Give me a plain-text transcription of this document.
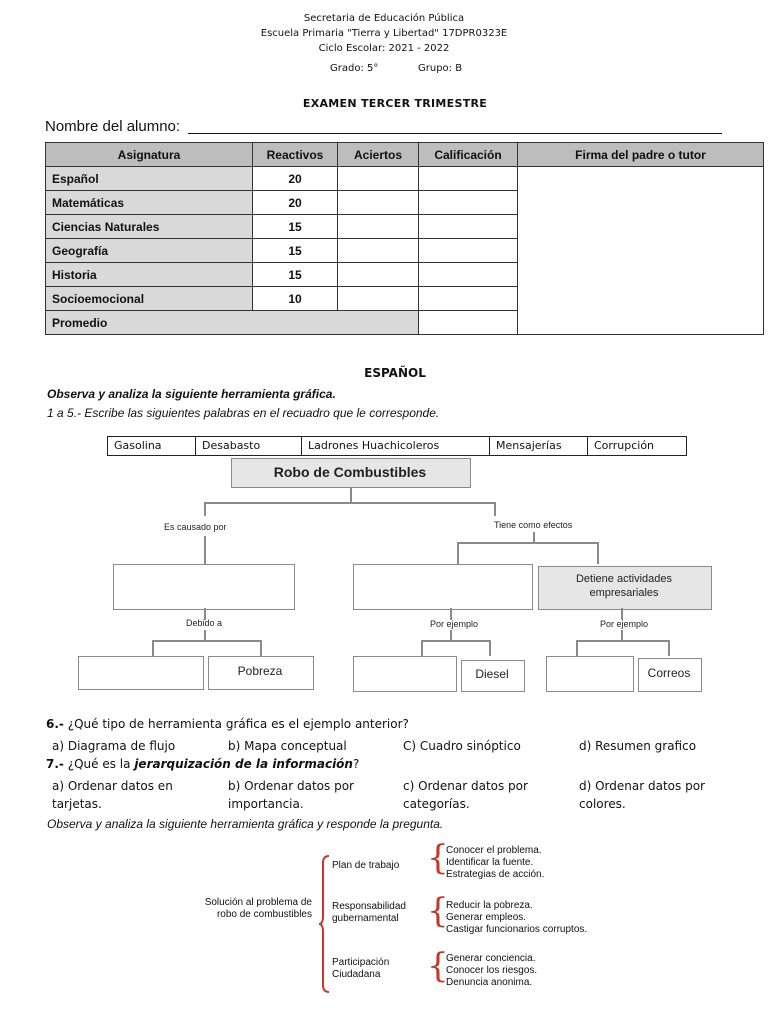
Secretaria de Educación Pública
Escuela Primaria "Tierra y Libertad" 17DPR0323E
Ciclo Escolar: 2021 - 2022
Grado: 5°	Grupo: B
EXAMEN TERCER TRIMESTRE
Nombre del alumno:
Asignatura	Reactivos	Aciertos	Calificación	Firma del padre o tutor
Español	20			
Matemáticas	20			
Ciencias Naturales	15			
Geografía	15			
Historia	15			
Socioemocional	10			
Promedio				
ESPAÑOL
Observa y analiza la siguiente herramienta gráfica.
1 a 5.- Escribe las siguientes palabras en el recuadro que le corresponde.
Gasolina	Desabasto	Ladrones Huachicoleros	Mensajerías	Corrupción
Robo de Combustibles
Es causado por	Tiene como efectos
Detiene actividades empresariales
Debido a	Por ejemplo	Por ejemplo
Pobreza	Diesel	Correos
6.- ¿Qué tipo de herramienta gráfica es el ejemplo anterior?
a) Diagrama de flujo	b) Mapa conceptual	C) Cuadro sinóptico	d) Resumen grafico
7.- ¿Qué es la jerarquización de la información?
a) Ordenar datos en
tarjetas.
b) Ordenar datos por
importancia.
c) Ordenar datos por
categorías.
d) Ordenar datos por
colores.
Observa y analiza la siguiente herramienta gráfica y responde la pregunta.
Solución al problema de
robo de combustibles
Plan de trabajo {
Conocer el problema.
Identificar la fuente.
Estrategias de acción.
Responsabilidad
gubernamental {
Reducir la pobreza.
Generar empleos.
Castigar funcionarios corruptos.
Participación
Ciudadana {
Generar conciencia.
Conocer los riesgos.
Denuncia anonima.
